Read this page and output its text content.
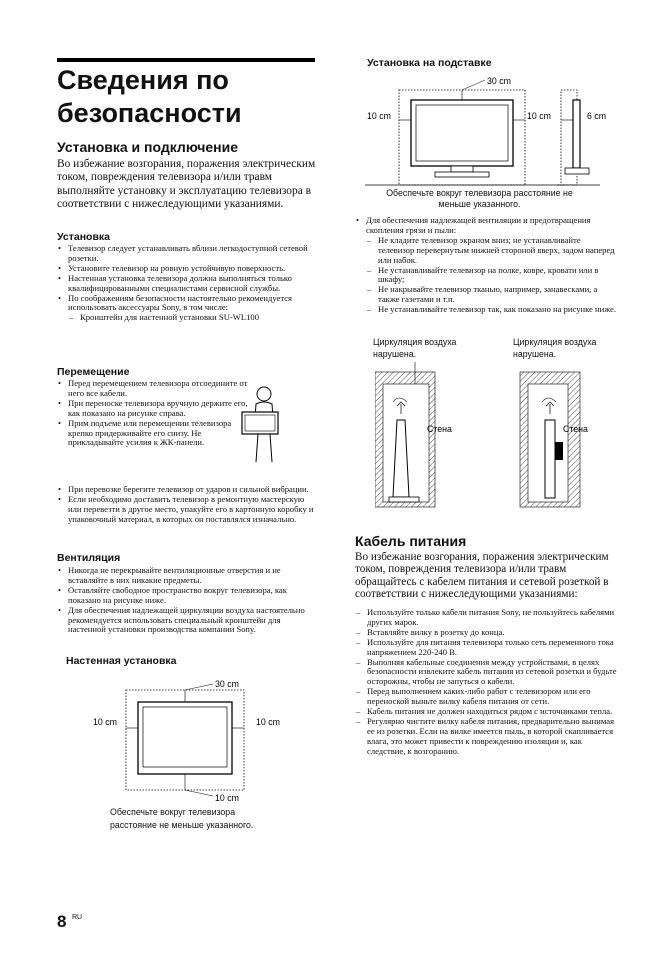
Сведения по
безопасности
Установка и подключение
Во избежание возгорания, поражения электрическим током, повреждения телевизора и/или травм выполняйте установку и эксплуатацию телевизора в соответствии с нижеследующими указаниями.
Установка
• Телевизор следует устанавливать вблизи легкодоступной сетевой розетки.
• Установите телевизор на ровную устойчивую поверхность.
• Настенная установка телевизора должна выполняться только квалифицированными специалистами сервисной службы.
• По соображениям безопасности настоятельно рекомендуется использовать аксессуары Sony, в том числе:
– Кронштейн для настенной установки SU-WL100
Перемещение
• Перед перемещением телевизора отсоедините от него все кабели.
• При переноске телевизора вручную держите его, как показано на рисунке справа.
• Прим подъеме или перемещении телевизора крепко придерживайте его снизу. Не прикладывайте усилия к ЖК-панели.
• При перевозке берегите телевизор от ударов и сильной вибрации.
• Если необходимо доставить телевизор в ремонтную мастерскую или перевезти в другое место, упакуйте его в картонную коробку и упаковочный материал, в которых он поставлялся изначально.
Вентиляция
• Никогда не перекрывайте вентиляционные отверстия и не вставляйте в них никакие предметы.
• Оставляйте свободное пространство вокруг телевизора, как показано на рисунке ниже.
• Для обеспечения надлежащей циркуляции воздуха настоятельно рекомендуется использовать специальный кронштейн для настенной установки производства компании Sony.
Настенная установка
30 cm
10 cm	10 cm
10 cm
Обеспечьте вокруг телевизора
расстояние не меньше указанного.
8 RU
Установка на подставке
30 cm
10 cm	10 cm	6 cm
Обеспечьте вокруг телевизора расстояние не
меньше указанного.
• Для обеспечения надлежащей вентиляции и предотвращения скопления грязи и пыли:
– Не кладите телевизор экраном вниз; не устанавливайте телевизор перевернутым нижней стороной вверх, задом наперед или набок.
– Не устанавливайте телевизор на полке, ковре, кровати или в шкафу;
– Не накрывайте телевизор тканью, например, занавесками, а также газетами и т.п.
– Не устанавливайте телевизор так, как показано на рисунке ниже.
Циркуляция воздуха
нарушена.
Циркуляция воздуха
нарушена.
Стена	Стена
Кабель питания
Во избежание возгорания, поражения электрическим током, повреждения телевизора и/или травм обращайтесь с кабелем питания и сетевой розеткой в соответствии с нижеследующими указаниями:
– Используйте только кабели питания Sony, не пользуйтесь кабелями других марок.
– Вставляйте вилку в розетку до конца.
– Используйте для питания телевизора только сеть переменного тока напряжением 220-240 В.
– Выполняя кабельные соединения между устройствами, в целях безопасности извлеките кабель питания из сетевой розетки и будьте осторожны, чтобы не запуться о кабели.
– Перед выполнением каких-либо работ с телевизором или его переноской выньте вилку кабеля питания от сети.
– Кабель питания не должен находиться рядом с источниками тепла.
– Регулярно чистите вилку кабеля питания, предварительно вынимая ее из розетки. Если на вилке имеется пыль, в которой скапливается влага, это может привести к повреждению изоляции и, как следствие, к возгоранию.
